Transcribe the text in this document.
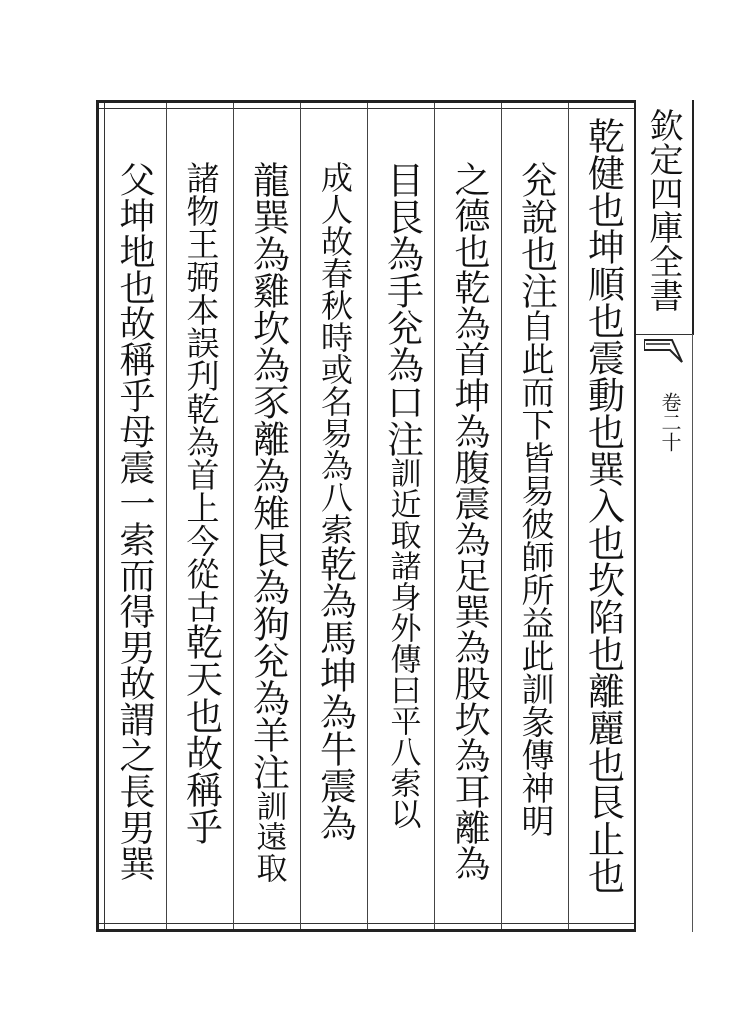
乾健也坤順也震動也巽入也坎陷也離麗也艮止也
兊說也注
自此而下皆易彼師所益此訓彖傳神明
之德也乾為首坤為腹震為足巽為股坎為耳離為
目艮為手兊為口注
訓近取諸身外傳曰平八索以
成人故春秋時或名易為八索
乾為馬坤為牛震為
龍巽為雞坎為豕離為雉艮為狗兊為羊注
訓遠取
諸物王弼本誤刋乾為首上今從古
乾天也故稱乎
父坤地也故稱乎母震一索而得男故謂之長男巽	欽定四庫全書
卷二十
